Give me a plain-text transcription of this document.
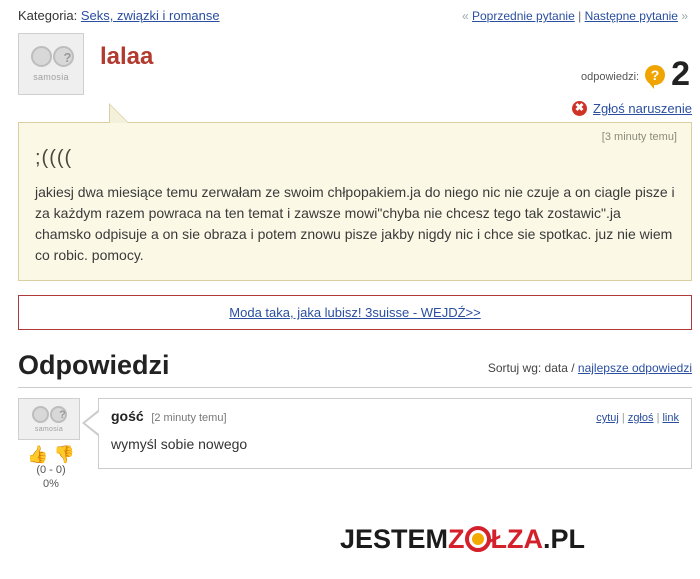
Kategoria: Seks, związki i romanse	« Poprzednie pytanie | Następne pytanie »
?
samosia
lalaa
odpowiedzi: ? 2
✖ Zgłoś naruszenie
[3 minuty temu]
;((((
jakiesj dwa miesiące temu zerwałam ze swoim chłpopakiem.ja do niego nic nie czuje a on ciagle pisze i za każdym razem powraca na ten temat i zawsze mowi"chyba nie chcesz tego tak zostawic".ja chamsko odpisuje a on sie obraza i potem znowu pisze jakby nigdy nic i chce sie spotkac. juz nie wiem co robic. pomocy.
Moda taka, jaka lubisz! 3suisse - WEJDŹ>>
Odpowiedzi	Sortuj wg: data / najlepsze odpowiedzi
?
samosia
👍 👎
(0 - 0)
0%
gość [2 minuty temu]	cytuj | zgłoś | link
wymyśl sobie nowego
JESTEMZ ŁZA.PL
